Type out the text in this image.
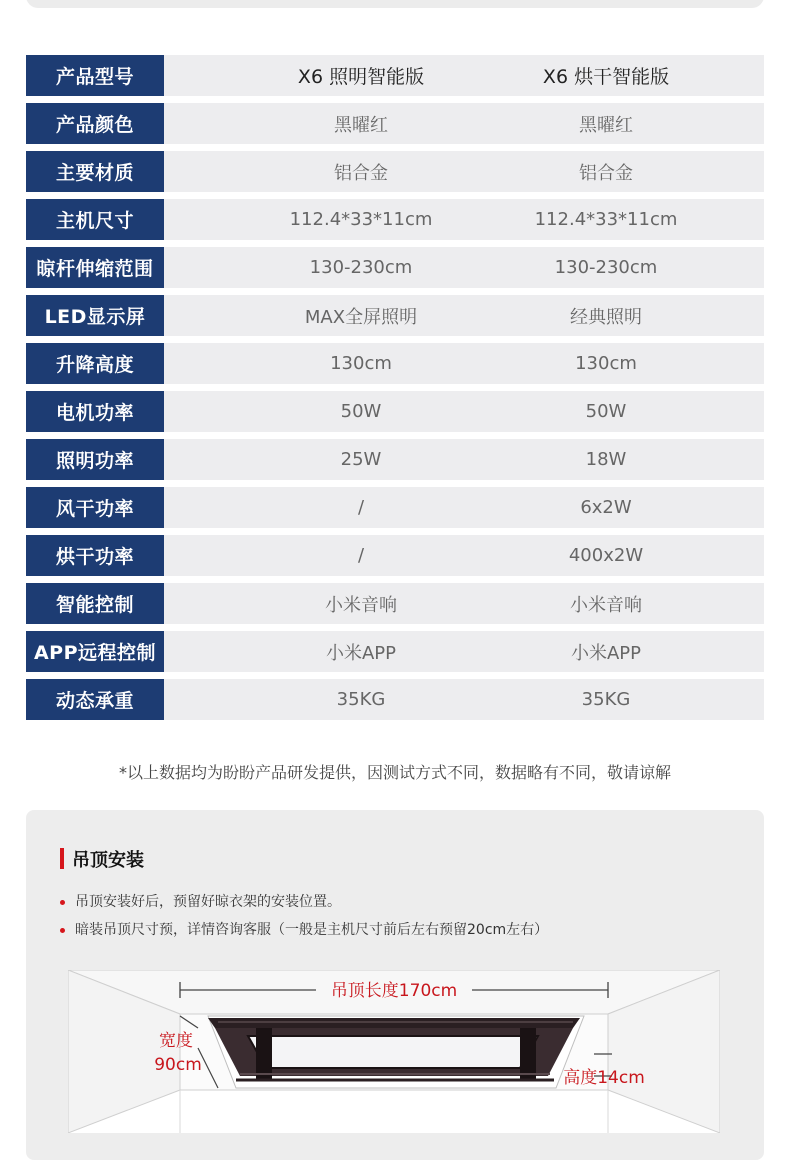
产品型号	X6 照明智能版	X6 烘干智能版
产品颜色	黑曜红	黑曜红
主要材质	铝合金	铝合金
主机尺寸	112.4*33*11cm	112.4*33*11cm
晾杆伸缩范围	130-230cm	130-230cm
LED显示屏	MAX全屏照明	经典照明
升降高度	130cm	130cm
电机功率	50W	50W
照明功率	25W	18W
风干功率	/	6x2W
烘干功率	/	400x2W
智能控制	小米音响	小米音响
APP远程控制	小米APP	小米APP
动态承重	35KG	35KG
*以上数据均为盼盼产品研发提供，因测试方式不同，数据略有不同，敬请谅解
吊顶安装
吊顶安装好后，预留好晾衣架的安装位置。
暗装吊顶尺寸预，详情咨询客服（一般是主机尺寸前后左右预留20cm左右）
吊顶长度170cm
宽度
90cm
高度14cm
